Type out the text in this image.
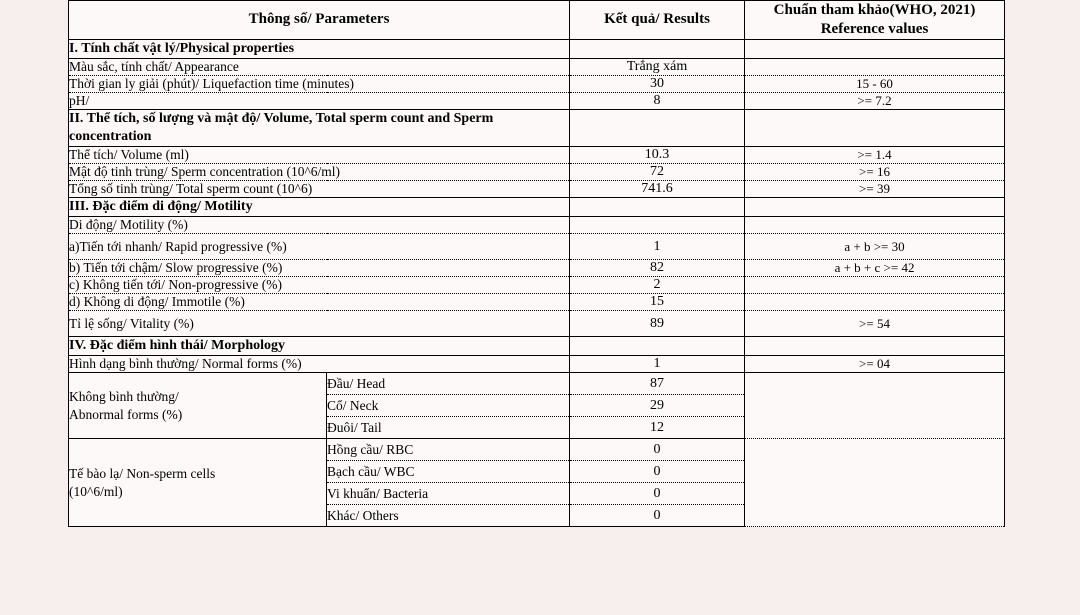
Thông số/ Parameters		Kết quả/ Results	Chuẩn tham khảo(WHO, 2021)
Reference values
I. Tính chất vật lý/Physical properties			
Màu sắc, tính chất/ Appearance		Trắng xám	
Thời gian ly giải (phút)/ Liquefaction time (minutes)		30	15 - 60
pH/		8	>= 7.2
II. Thể tích, số lượng và mật độ/ Volume, Total sperm count and Sperm concentration			
Thể tích/ Volume (ml)		10.3	>= 1.4
Mật độ tinh trùng/ Sperm concentration (10^6/ml)		72	>= 16
Tổng số tinh trùng/ Total sperm count (10^6)		741.6	>= 39
III. Đặc điểm di động/ Motility			
Di động/ Motility (%)			
a)Tiến tới nhanh/ Rapid progressive (%)		1	a + b >= 30
b) Tiến tới chậm/ Slow progressive (%)		82	a + b + c >= 42
c) Không tiến tới/ Non-progressive (%)		2	
d) Không di động/ Immotile (%)		15	
Tỉ lệ sống/ Vitality (%)		89	>= 54
IV. Đặc điểm hình thái/ Morphology			
Hình dạng bình thường/ Normal forms (%)		1	>= 04
Không bình thường/
Abnormal forms (%)	Đầu/ Head	87	
	Cổ/ Neck	29	
	Đuôi/ Tail	12	
Tế bào lạ/ Non-sperm cells
(10^6/ml)	Hồng cầu/ RBC	0	
	Bạch cầu/ WBC	0	
	Vi khuẩn/ Bacteria	0	
	Khác/ Others	0	
